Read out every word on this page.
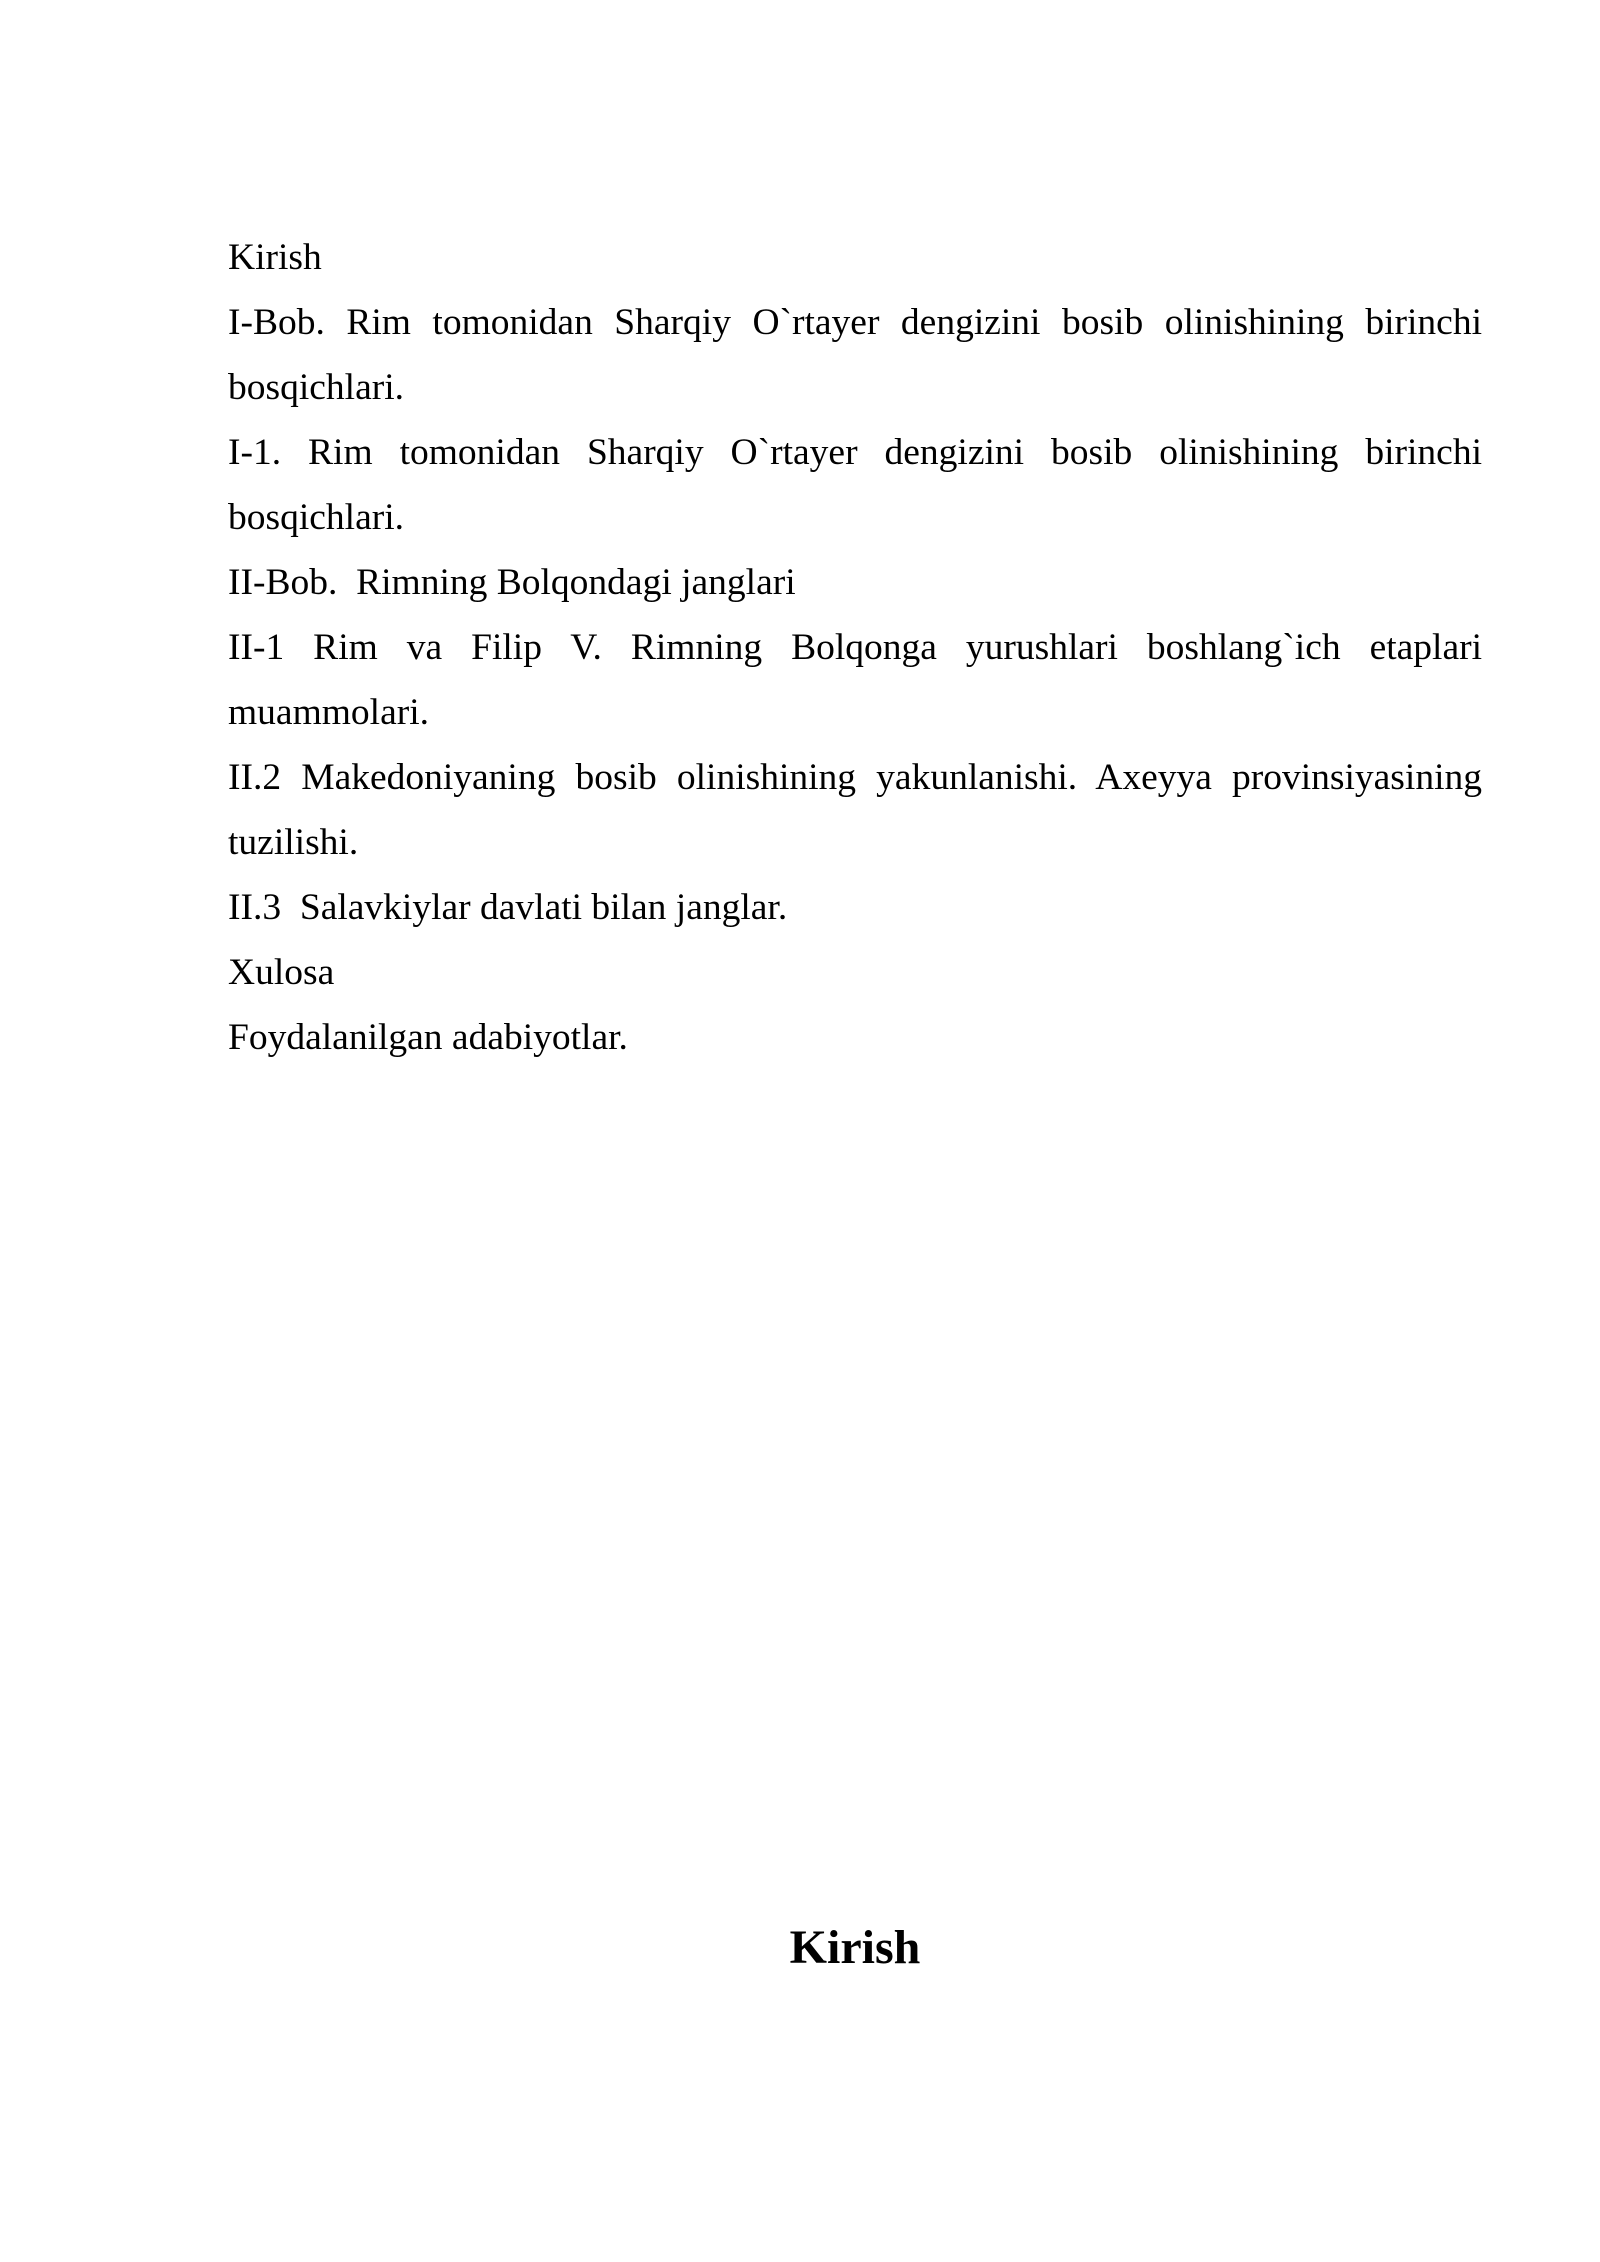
Kirish
I-Bob. Rim tomonidan Sharqiy O`rtayer dengizini bosib olinishining birinchi
bosqichlari.
I-1. Rim tomonidan Sharqiy O`rtayer dengizini bosib olinishining birinchi
bosqichlari.
II-Bob.  Rimning Bolqondagi janglari
II-1 Rim va Filip V. Rimning Bolqonga yurushlari boshlang`ich etaplari
muammolari.
II.2 Makedoniyaning bosib olinishining yakunlanishi. Axeyya provinsiyasining
tuzilishi.
II.3  Salavkiylar davlati bilan janglar.
Xulosa
Foydalanilgan adabiyotlar.
Kirish
